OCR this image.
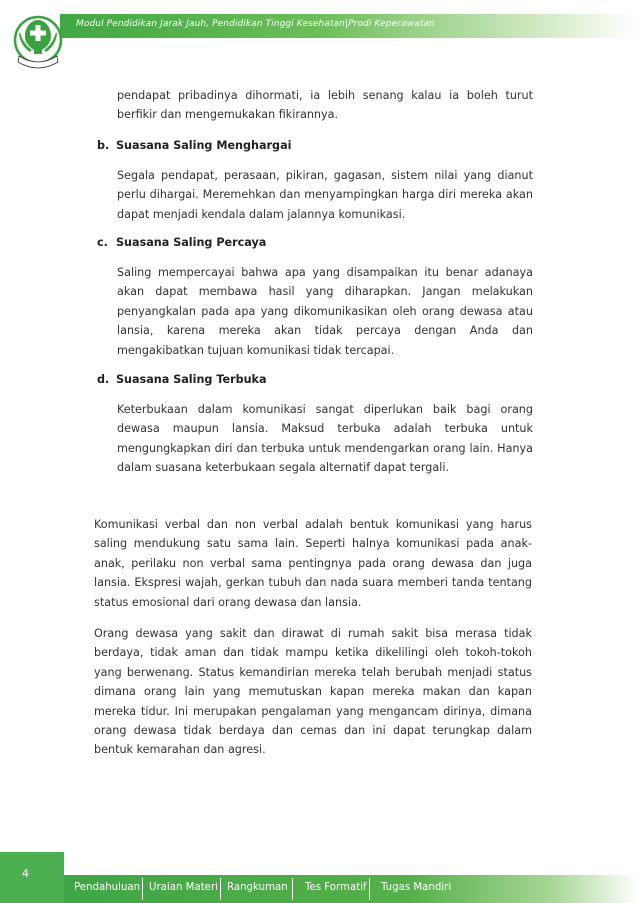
Modul Pendidikan Jarak Jauh, Pendidikan Tinggi Kesehatan|Prodi Keperawatan

pendapat pribadinya dihormati, ia lebih senang kalau ia boleh turut berfikir dan mengemukakan fikirannya.

b. Suasana Saling Menghargai

Segala pendapat, perasaan, pikiran, gagasan, sistem nilai yang dianut perlu dihargai. Meremehkan dan menyampingkan harga diri mereka akan dapat menjadi kendala dalam jalannya komunikasi.

c. Suasana Saling Percaya

Saling mempercayai bahwa apa yang disampaikan itu benar adanaya akan dapat membawa hasil yang diharapkan. Jangan melakukan penyangkalan pada apa yang dikomunikasikan oleh orang dewasa atau lansia, karena mereka akan tidak percaya dengan Anda dan mengakibatkan tujuan komunikasi tidak tercapai.

d. Suasana Saling Terbuka

Keterbukaan dalam komunikasi sangat diperlukan baik bagi orang dewasa maupun lansia. Maksud terbuka adalah terbuka untuk mengungkapkan diri dan terbuka untuk mendengarkan orang lain. Hanya dalam suasana keterbukaan segala alternatif dapat tergali.

Komunikasi verbal dan non verbal adalah bentuk komunikasi yang harus saling mendukung satu sama lain. Seperti halnya komunikasi pada anak-anak, perilaku non verbal sama pentingnya pada orang dewasa dan juga lansia. Ekspresi wajah, gerkan tubuh dan nada suara memberi tanda tentang status emosional dari orang dewasa dan lansia.

Orang dewasa yang sakit dan dirawat di rumah sakit bisa merasa tidak berdaya, tidak aman dan tidak mampu ketika dikelilingi oleh tokoh-tokoh yang berwenang. Status kemandirian mereka telah berubah menjadi status dimana orang lain yang memutuskan kapan mereka makan dan kapan mereka tidur. Ini merupakan pengalaman yang mengancam dirinya, dimana orang dewasa tidak berdaya dan cemas dan ini dapat terungkap dalam bentuk kemarahan dan agresi.

4
Pendahuluan Uraian Materi Rangkuman Tes Formatif Tugas Mandiri
